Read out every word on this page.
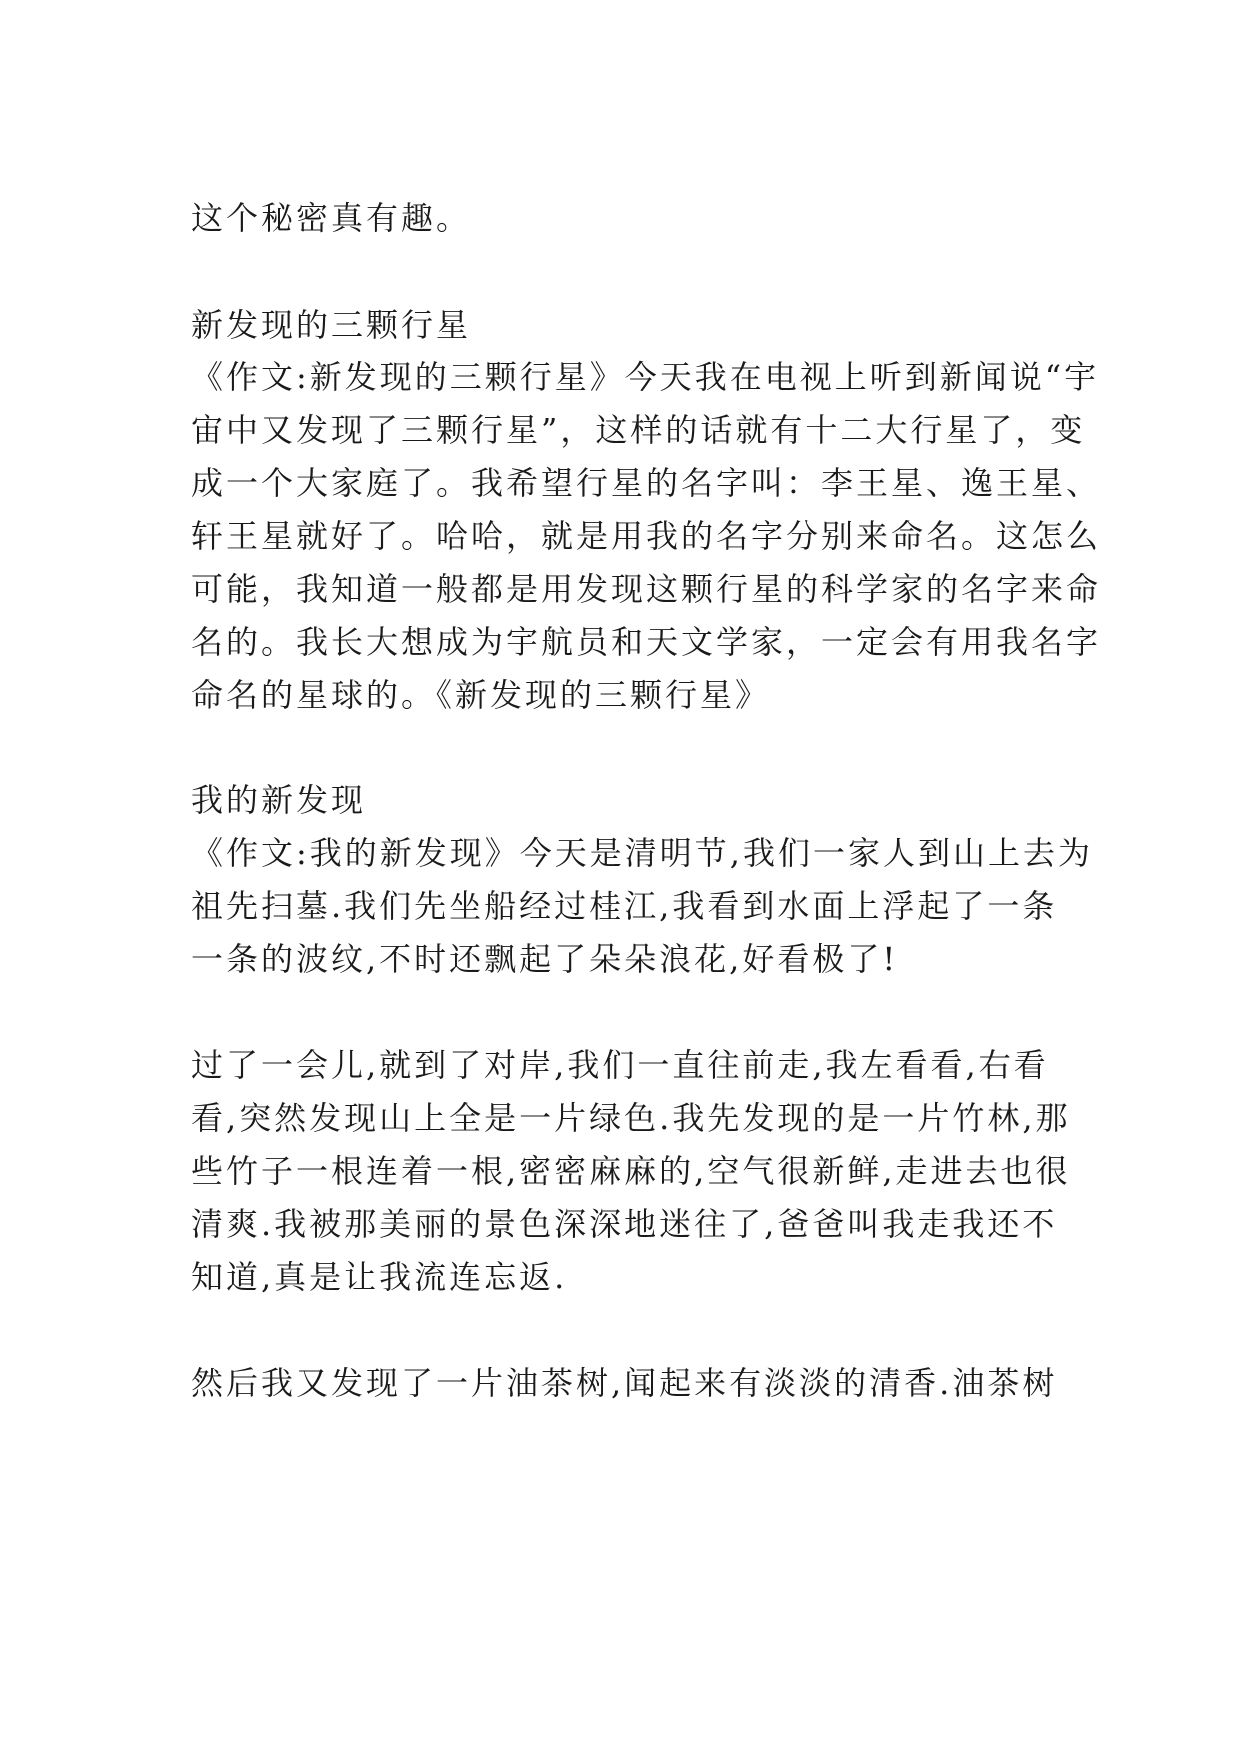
这个秘密真有趣。

新发现的三颗行星

《作文:新发现的三颗行星》今天我在电视上听到新闻说“宇

宙中又发现了三颗行星”，这样的话就有十二大行星了，变

成一个大家庭了。我希望行星的名字叫：李王星、逸王星、

轩王星就好了。哈哈，就是用我的名字分别来命名。这怎么

可能，我知道一般都是用发现这颗行星的科学家的名字来命

名的。我长大想成为宇航员和天文学家，一定会有用我名字

命名的星球的。《新发现的三颗行星》

我的新发现

《作文:我的新发现》今天是清明节,我们一家人到山上去为

祖先扫墓.我们先坐船经过桂江,我看到水面上浮起了一条

一条的波纹,不时还飘起了朵朵浪花,好看极了!

过了一会儿,就到了对岸,我们一直往前走,我左看看,右看

看,突然发现山上全是一片绿色.我先发现的是一片竹林,那

些竹子一根连着一根,密密麻麻的,空气很新鲜,走进去也很

清爽.我被那美丽的景色深深地迷往了,爸爸叫我走我还不

知道,真是让我流连忘返.

然后我又发现了一片油茶树,闻起来有淡淡的清香.油茶树
